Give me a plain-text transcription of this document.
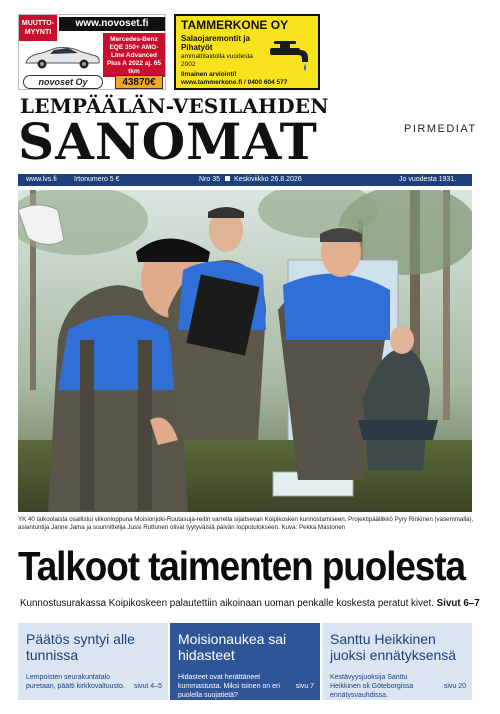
MUUTTO-MYYNTI
www.novoset.fi
Mercedes-Benz EQE 350+ AMG-Line Advanced Plus A 2022 aj. 65 tkm
novoset Oy	43870€
TAMMERKONE OY
Salaojaremontit ja Pihatyöt
ammattitaidolla vuodesta 2002
Ilmainen arviointi!
www.tammerkone.fi / 0400 604 577
LEMPÄÄLÄN-VESILAHDEN
SANOMAT	PIRMEDIAT
www.lvs.fi Irtonumero 5 €	Nro 35 Keskiviikko 26.8.2026	Jo vuodesta 1931.
YK 40 talkoolaista osallistui viikonloppuna Moisionjoki-Ruutasuja-reitin varrella sijaitsevan Koipikosken kunnostamiseen. Projektipäällikkö Pyry Rinkinen (vasemmalla), asiantuntija Janne Jama ja suunnittelija Jussi Ruttunen olivat tyytyväisiä päivän lopputulokseen. Kuva: Pekka Mastonen
Talkoot taimenten puolesta
Kunnostusurakassa Koipikoskeen palautettiin aikoinaan uoman penkalle koskesta peratut kivet. Sivut 6–7
Päätös syntyi alle tunnissa
Lempoisten seurakuntatalo puretaan, päätti kirkkovaltuusto.	sivut 4–5
Moisionaukea sai hidasteet
Hidasteet ovat herättäneet kummastusta. Miksi toinen on eri puolella suojatietä?
sivu 7
Santtu Heikkinen juoksi ennätyksensä
Kestävyysjuoksija Santtu Heikkinen oli Göteborgissa ennätysvauhdissa.
sivu 20
